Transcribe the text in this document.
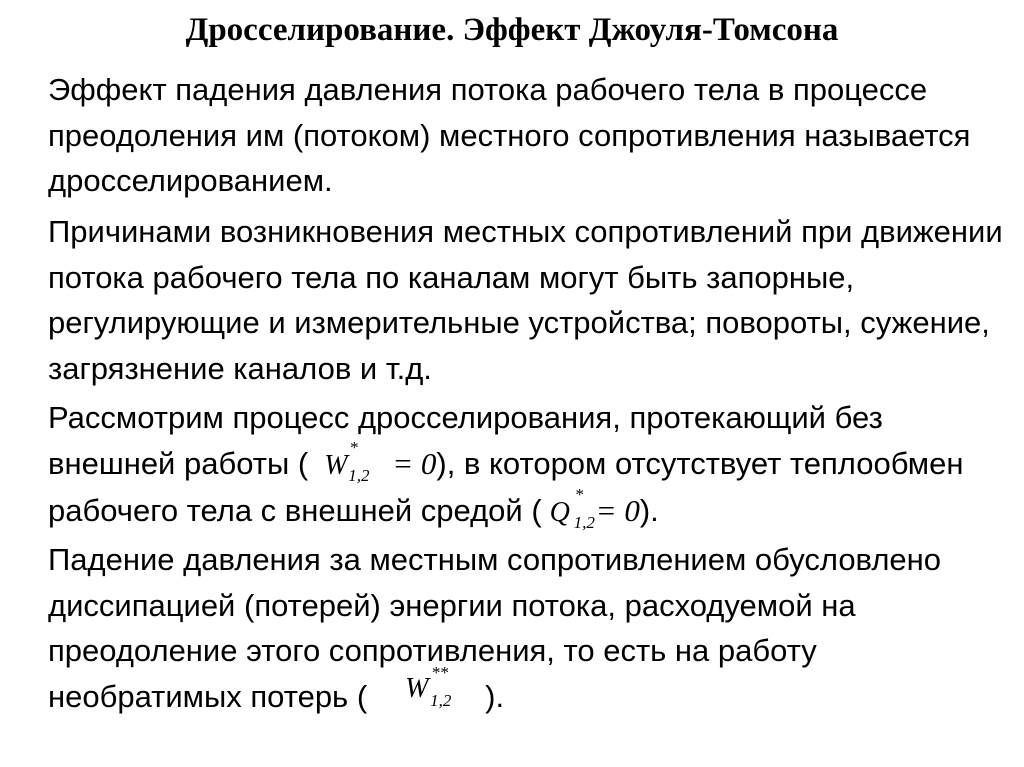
Дросселирование. Эффект Джоуля-Томсона

Эффект падения давления потока рабочего тела в процессе преодоления им (потоком) местного сопротивления называется дросселированием.

Причинами возникновения местных сопротивлений при движении потока рабочего тела по каналам могут быть запорные, регулирующие и измерительные устройства; повороты, сужение, загрязнение каналов и т.д.

Рассмотрим процесс дросселирования, протекающий без внешней работы ( W
*
1,2 = 0), в котором отсутствует теплообмен рабочего тела с внешней средой ( Q
*
1,2 = 0).

Падение давления за местным сопротивлением обусловлено диссипацией (потерей) энергии потока, расходуемой на преодоление этого сопротивления, то есть на работу необратимых потерь ( W
**
1,2 ).
